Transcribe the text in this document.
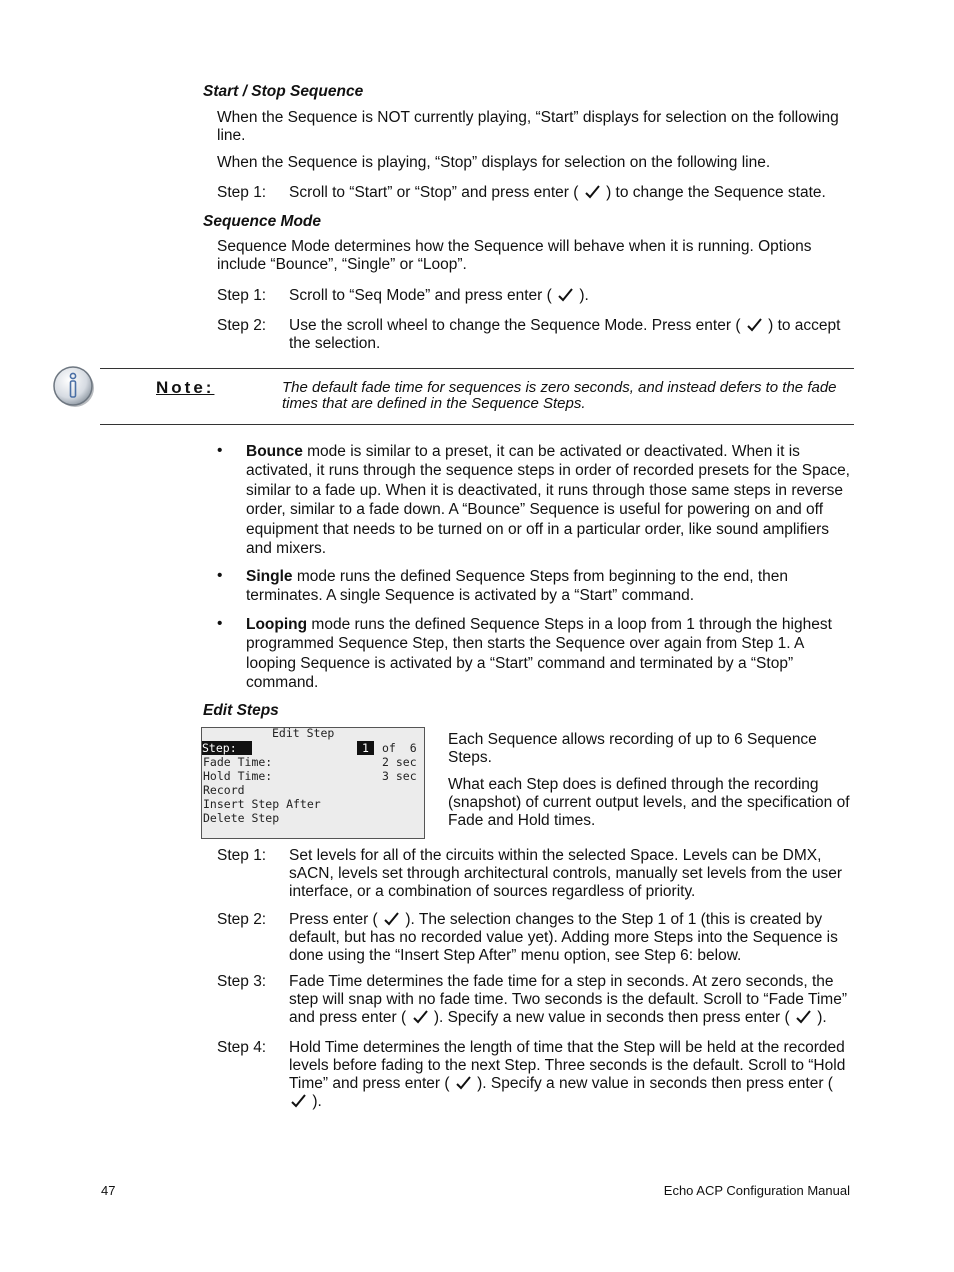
Start / Stop Sequence
When the Sequence is NOT currently playing, “Start” displays for selection on the following line.
When the Sequence is playing, “Stop” displays for selection on the following line.
Step 1: Scroll to “Start” or “Stop” and press enter ( ) to change the Sequence state.
Sequence Mode
Sequence Mode determines how the Sequence will behave when it is running. Options include “Bounce”, “Single” or “Loop”.
Step 1: Scroll to “Seq Mode” and press enter ( ).
Step 2: Use the scroll wheel to change the Sequence Mode. Press enter ( ) to accept the selection.
Note:	The default fade time for sequences is zero seconds, and instead defers to the fade times that are defined in the Sequence Steps.
• Bounce mode is similar to a preset, it can be activated or deactivated. When it is activated, it runs through the sequence steps in order of recorded presets for the Space, similar to a fade up. When it is deactivated, it runs through those same steps in reverse order, similar to a fade down. A “Bounce” Sequence is useful for powering on and off equipment that needs to be turned on or off in a particular order, like sound amplifiers and mixers.
• Single mode runs the defined Sequence Steps from beginning to the end, then terminates. A single Sequence is activated by a “Start” command.
• Looping mode runs the defined Sequence Steps in a loop from 1 through the highest programmed Sequence Step, then starts the Sequence over again from Step 1. A looping Sequence is activated by a “Start” command and terminated by a “Stop” command.
Edit Steps
Edit Step
Step:	1	of  6
Fade Time:	2 sec
Hold Time:	3 sec
Record
Insert Step After
Delete Step
Each Sequence allows recording of up to 6 Sequence Steps.
What each Step does is defined through the recording (snapshot) of current output levels, and the specification of Fade and Hold times.
Step 1: Set levels for all of the circuits within the selected Space. Levels can be DMX, sACN, levels set through architectural controls, manually set levels from the user interface, or a combination of sources regardless of priority.
Step 2: Press enter ( ). The selection changes to the Step 1 of 1 (this is created by default, but has no recorded value yet). Adding more Steps into the Sequence is done using the “Insert Step After” menu option, see Step 6: below.
Step 3: Fade Time determines the fade time for a step in seconds. At zero seconds, the step will snap with no fade time. Two seconds is the default. Scroll to “Fade Time” and press enter ( ). Specify a new value in seconds then press enter ( ).
Step 4: Hold Time determines the length of time that the Step will be held at the recorded levels before fading to the next Step. Three seconds is the default. Scroll to “Hold Time” and press enter ( ). Specify a new value in seconds then press enter (  ).
47	Echo ACP Configuration Manual
